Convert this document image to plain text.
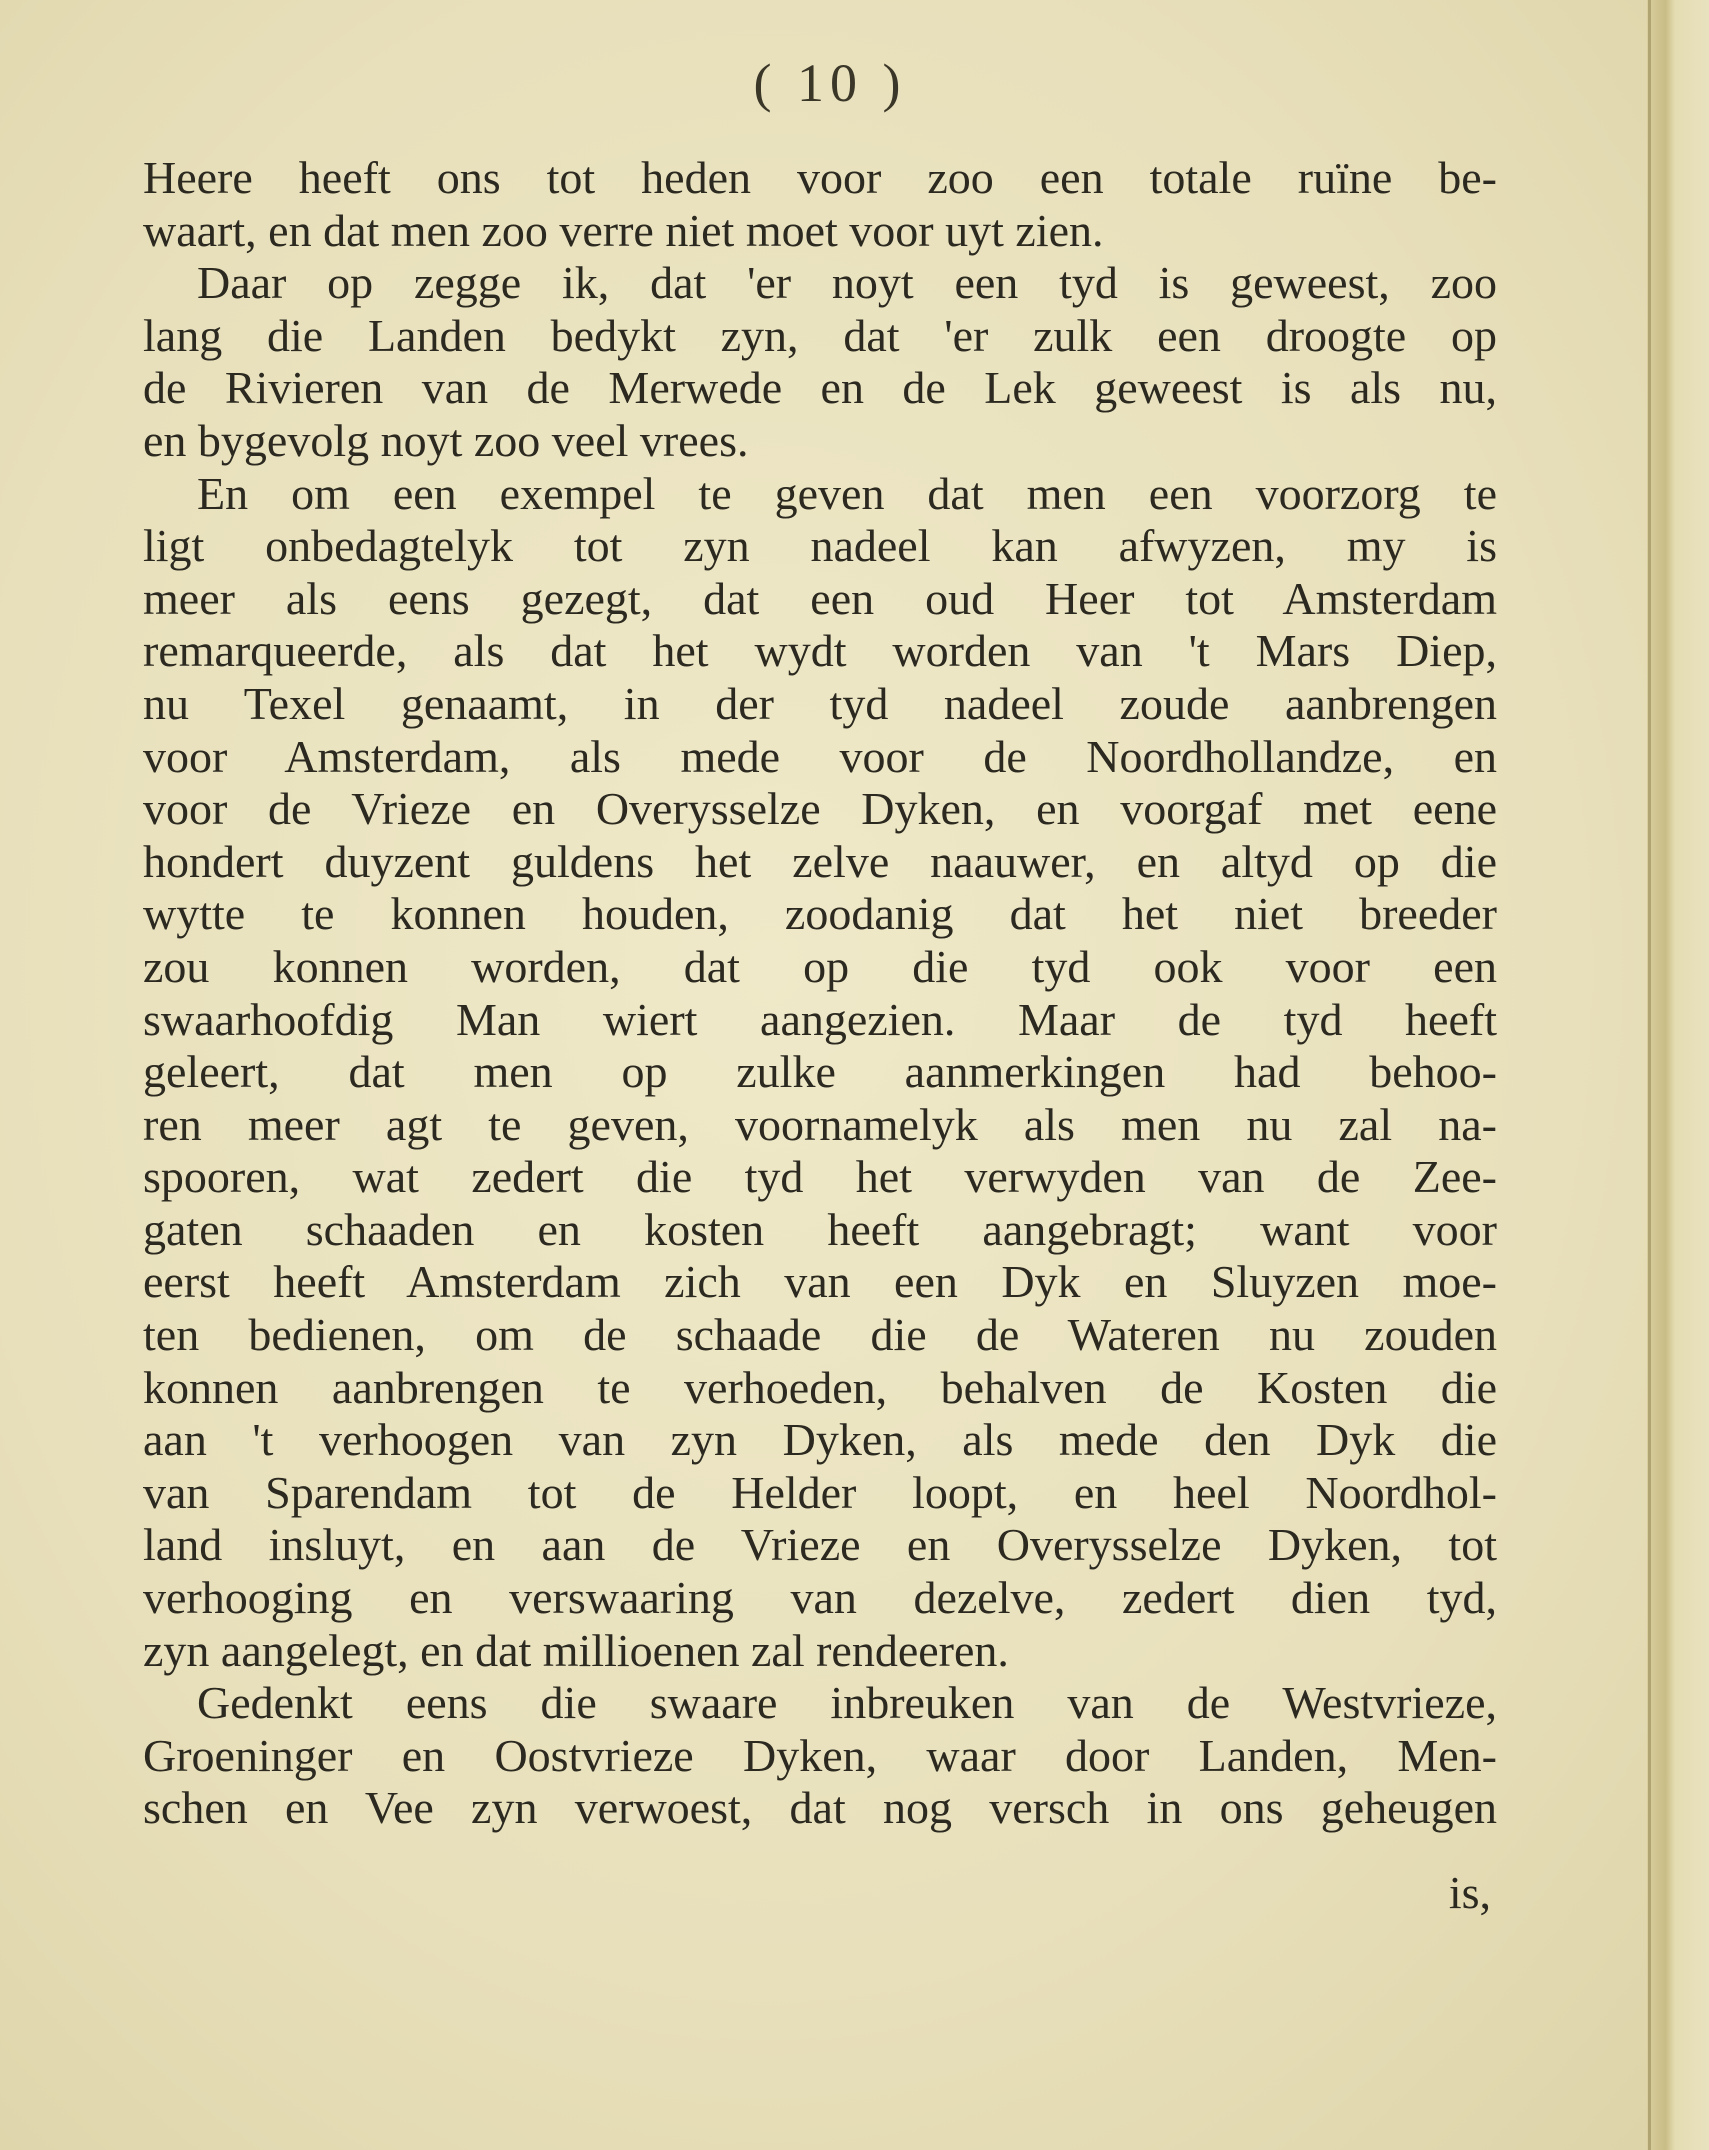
( 10 )
Heere heeft ons tot heden voor zoo een totale ruïne be-
waart, en dat men zoo verre niet moet voor uyt zien.
Daar op zegge ik, dat 'er noyt een tyd is geweest, zoo
lang die Landen bedykt zyn, dat 'er zulk een droogte op
de Rivieren van de Merwede en de Lek geweest is als nu,
en bygevolg noyt zoo veel vrees.
En om een exempel te geven dat men een voorzorg te
ligt onbedagtelyk tot zyn nadeel kan afwyzen, my is
meer als eens gezegt, dat een oud Heer tot Amsterdam
remarqueerde, als dat het wydt worden van 't Mars Diep,
nu Texel genaamt, in der tyd nadeel zoude aanbrengen
voor Amsterdam, als mede voor de Noordhollandze, en
voor de Vrieze en Overysselze Dyken, en voorgaf met eene
hondert duyzent guldens het zelve naauwer, en altyd op die
wytte te konnen houden, zoodanig dat het niet breeder
zou konnen worden, dat op die tyd ook voor een
swaarhoofdig Man wiert aangezien. Maar de tyd heeft
geleert, dat men op zulke aanmerkingen had behoo-
ren meer agt te geven, voornamelyk als men nu zal na-
spooren, wat zedert die tyd het verwyden van de Zee-
gaten schaaden en kosten heeft aangebragt; want voor
eerst heeft Amsterdam zich van een Dyk en Sluyzen moe-
ten bedienen, om de schaade die de Wateren nu zouden
konnen aanbrengen te verhoeden, behalven de Kosten die
aan 't verhoogen van zyn Dyken, als mede den Dyk die
van Sparendam tot de Helder loopt, en heel Noordhol-
land insluyt, en aan de Vrieze en Overysselze Dyken, tot
verhooging en verswaaring van dezelve, zedert dien tyd,
zyn aangelegt, en dat millioenen zal rendeeren.
Gedenkt eens die swaare inbreuken van de Westvrieze,
Groeninger en Oostvrieze Dyken, waar door Landen, Men-
schen en Vee zyn verwoest, dat nog versch in ons geheugen
is,
